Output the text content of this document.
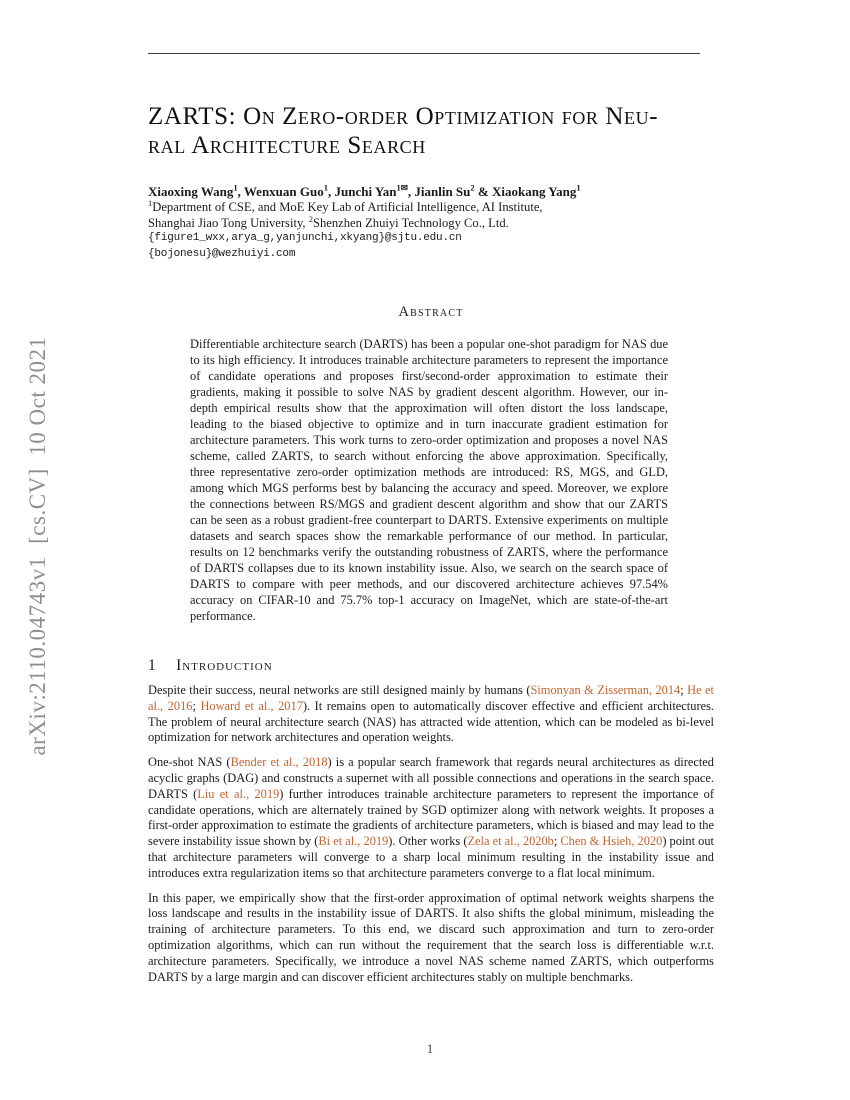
arXiv:2110.04743v1  [cs.CV]  10 Oct 2021
ZARTS: On Zero-order Optimization for Neu-
ral Architecture Search
Xiaoxing Wang$^1$, Wenxuan Guo$^1$, Junchi Yan$^{1✉}$, Jianlin Su$^2$ & Xiaokang Yang$^1$
$^1$Department of CSE, and MoE Key Lab of Artificial Intelligence, AI Institute,
Shanghai Jiao Tong University, $^2$Shenzhen Zhuiyi Technology Co., Ltd.
{figure1_wxx,arya_g,yanjunchi,xkyang}@sjtu.edu.cn
{bojonesu}@wezhuiyi.com
Abstract
Differentiable architecture search (DARTS) has been a popular one-shot paradigm for NAS due to its high efficiency. It introduces trainable architecture parameters to represent the importance of candidate operations and proposes first/second-order approximation to estimate their gradients, making it possible to solve NAS by gradient descent algorithm. However, our in-depth empirical results show that the approximation will often distort the loss landscape, leading to the biased objective to optimize and in turn inaccurate gradient estimation for architecture parameters. This work turns to zero-order optimization and proposes a novel NAS scheme, called ZARTS, to search without enforcing the above approximation. Specifically, three representative zero-order optimization methods are introduced: RS, MGS, and GLD, among which MGS performs best by balancing the accuracy and speed. Moreover, we explore the connections between RS/MGS and gradient descent algorithm and show that our ZARTS can be seen as a robust gradient-free counterpart to DARTS. Extensive experiments on multiple datasets and search spaces show the remarkable performance of our method. In particular, results on 12 benchmarks verify the outstanding robustness of ZARTS, where the performance of DARTS collapses due to its known instability issue. Also, we search on the search space of DARTS to compare with peer methods, and our discovered architecture achieves 97.54% accuracy on CIFAR-10 and 75.7% top-1 accuracy on ImageNet, which are state-of-the-art performance.
1 Introduction
Despite their success, neural networks are still designed mainly by humans (Simonyan & Zisserman, 2014; He et al., 2016; Howard et al., 2017). It remains open to automatically discover effective and efficient architectures. The problem of neural architecture search (NAS) has attracted wide attention, which can be modeled as bi-level optimization for network architectures and operation weights.
One-shot NAS (Bender et al., 2018) is a popular search framework that regards neural architectures as directed acyclic graphs (DAG) and constructs a supernet with all possible connections and operations in the search space. DARTS (Liu et al., 2019) further introduces trainable architecture parameters to represent the importance of candidate operations, which are alternately trained by SGD optimizer along with network weights. It proposes a first-order approximation to estimate the gradients of architecture parameters, which is biased and may lead to the severe instability issue shown by (Bi et al., 2019). Other works (Zela et al., 2020b; Chen & Hsieh, 2020) point out that architecture parameters will converge to a sharp local minimum resulting in the instability issue and introduces extra regularization items so that architecture parameters converge to a flat local minimum.
In this paper, we empirically show that the first-order approximation of optimal network weights sharpens the loss landscape and results in the instability issue of DARTS. It also shifts the global minimum, misleading the training of architecture parameters. To this end, we discard such approximation and turn to zero-order optimization algorithms, which can run without the requirement that the search loss is differentiable w.r.t. architecture parameters. Specifically, we introduce a novel NAS scheme named ZARTS, which outperforms DARTS by a large margin and can discover efficient architectures stably on multiple benchmarks.
1
